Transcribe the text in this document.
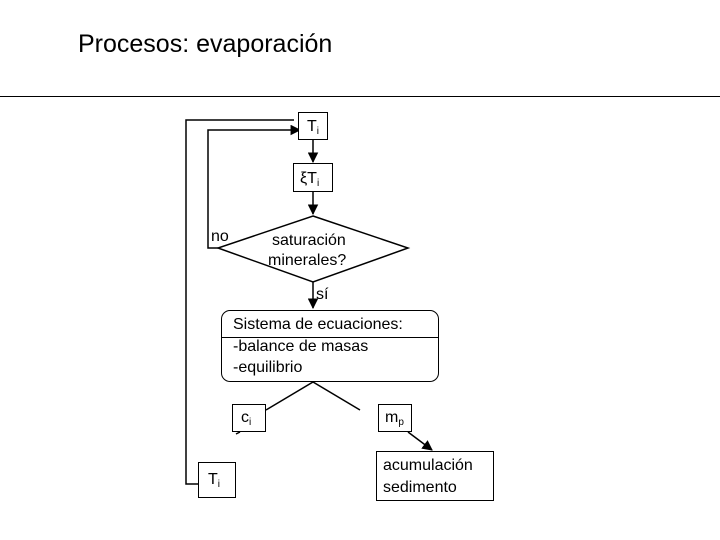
Procesos: evaporación
$T_i$
$\xi T_i$
saturación
minerales?
no
sí
Sistema de ecuaciones:
-balance de masas
-equilibrio
$c_i$	$m_p$
$T_i$
acumulación
sedimento
